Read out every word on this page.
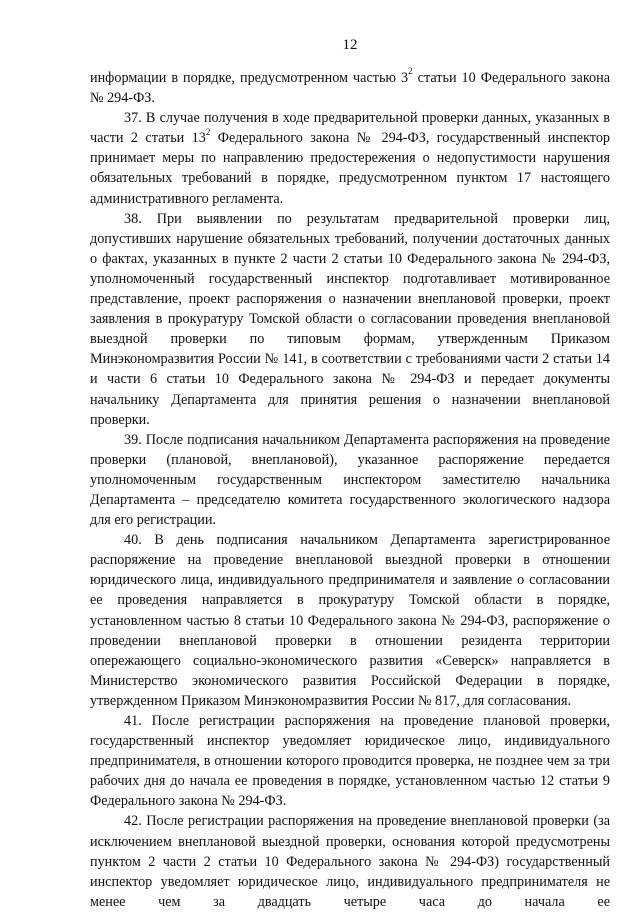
12

информации в порядке, предусмотренном частью $3^2$ статьи 10 Федерального закона № 294-ФЗ.

37. В случае получения в ходе предварительной проверки данных, указанных в части 2 статьи $13^2$ Федерального закона № 294-ФЗ, государственный инспектор принимает меры по направлению предостережения о недопустимости нарушения обязательных требований в порядке, предусмотренном пунктом 17 настоящего административного регламента.

38. При выявлении по результатам предварительной проверки лиц, допустивших нарушение обязательных требований, получении достаточных данных о фактах, указанных в пункте 2 части 2 статьи 10 Федерального закона № 294-ФЗ, уполномоченный государственный инспектор подготавливает мотивированное представление, проект распоряжения о назначении внеплановой проверки, проект заявления в прокуратуру Томской области о согласовании проведения внеплановой выездной проверки по типовым формам, утвержденным Приказом Минэкономразвития России № 141, в соответствии с требованиями части 2 статьи 14 и части 6 статьи 10 Федерального закона № 294-ФЗ и передает документы начальнику Департамента для принятия решения о назначении внеплановой проверки.

39. После подписания начальником Департамента распоряжения на проведение проверки (плановой, внеплановой), указанное распоряжение передается уполномоченным государственным инспектором заместителю начальника Департамента – председателю комитета государственного экологического надзора для его регистрации.

40. В день подписания начальником Департамента зарегистрированное распоряжение на проведение внеплановой выездной проверки в отношении юридического лица, индивидуального предпринимателя и заявление о согласовании ее проведения направляется в прокуратуру Томской области в порядке, установленном частью 8 статьи 10 Федерального закона № 294-ФЗ, распоряжение о проведении внеплановой проверки в отношении резидента территории опережающего социально-экономического развития «Северск» направляется в Министерство экономического развития Российской Федерации в порядке, утвержденном Приказом Минэкономразвития России № 817, для согласования.

41. После регистрации распоряжения на проведение плановой проверки, государственный инспектор уведомляет юридическое лицо, индивидуального предпринимателя, в отношении которого проводится проверка, не позднее чем за три рабочих дня до начала ее проведения в порядке, установленном частью 12 статьи 9 Федерального закона № 294-ФЗ.

42. После регистрации распоряжения на проведение внеплановой проверки (за исключением внеплановой выездной проверки, основания которой предусмотрены пунктом 2 части 2 статьи 10 Федерального закона № 294-ФЗ) государственный инспектор уведомляет юридическое лицо, индивидуального предпринимателя не менее чем за двадцать четыре часа до начала ее
